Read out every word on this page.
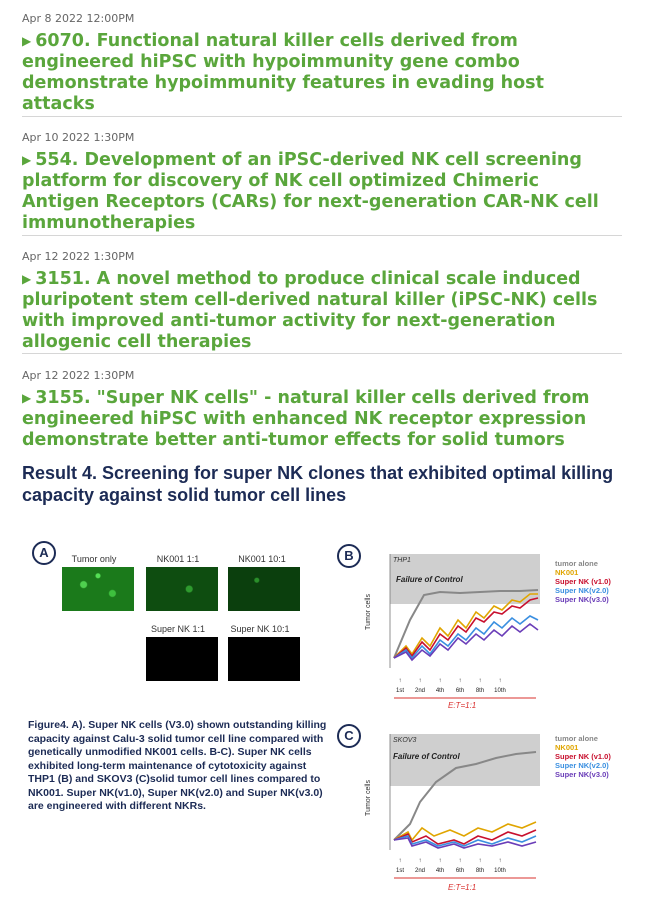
Apr 8 2022 12:00PM
▶ 6070. Functional natural killer cells derived from engineered hiPSC with hypoimmunity gene combo demonstrate hypoimmunity features in evading host attacks
Apr 10 2022 1:30PM
▶ 554. Development of an iPSC-derived NK cell screening platform for discovery of NK cell optimized Chimeric Antigen Receptors (CARs) for next-generation CAR-NK cell immunotherapies
Apr 12 2022 1:30PM
▶ 3151. A novel method to produce clinical scale induced pluripotent stem cell-derived natural killer (iPSC-NK) cells with improved anti-tumor activity for next-generation allogenic cell therapies
Apr 12 2022 1:30PM
▶ 3155. "Super NK cells" - natural killer cells derived from engineered hiPSC with enhanced NK receptor expression demonstrate better anti-tumor effects for solid tumors
Result 4. Screening for super NK clones that exhibited optimal killing capacity against solid tumor cell lines
A	Tumor only	NK001 1:1	NK001 10:1
Super NK 1:1	Super NK 10:1
Figure4. A). Super NK cells (V3.0) shown outstanding killing capacity against Calu-3 solid tumor cell line compared with genetically unmodified NK001 cells. B-C). Super NK cells exhibited long-term maintenance of cytotoxicity against THP1 (B) and SKOV3 (C)solid tumor cell lines compared to NK001. Super NK(v1.0), Super NK(v2.0) and Super NK(v3.0) are engineered with different NKRs.
B
Tumor cells
THP1
Failure of Control
↑	↑	↑	↑	↑	↑
1st 2nd 4th 6th 8th 10th
E:T=1:1
tumor alone
NK001
Super NK (v1.0)
Super NK(v2.0)
Super NK(v3.0)
C
Tumor cells
SKOV3
Failure of Control
↑	↑	↑	↑	↑	↑
1st 2nd 4th 6th 8th 10th
E:T=1:1
tumor alone
NK001
Super NK (v1.0)
Super NK(v2.0)
Super NK(v3.0)
